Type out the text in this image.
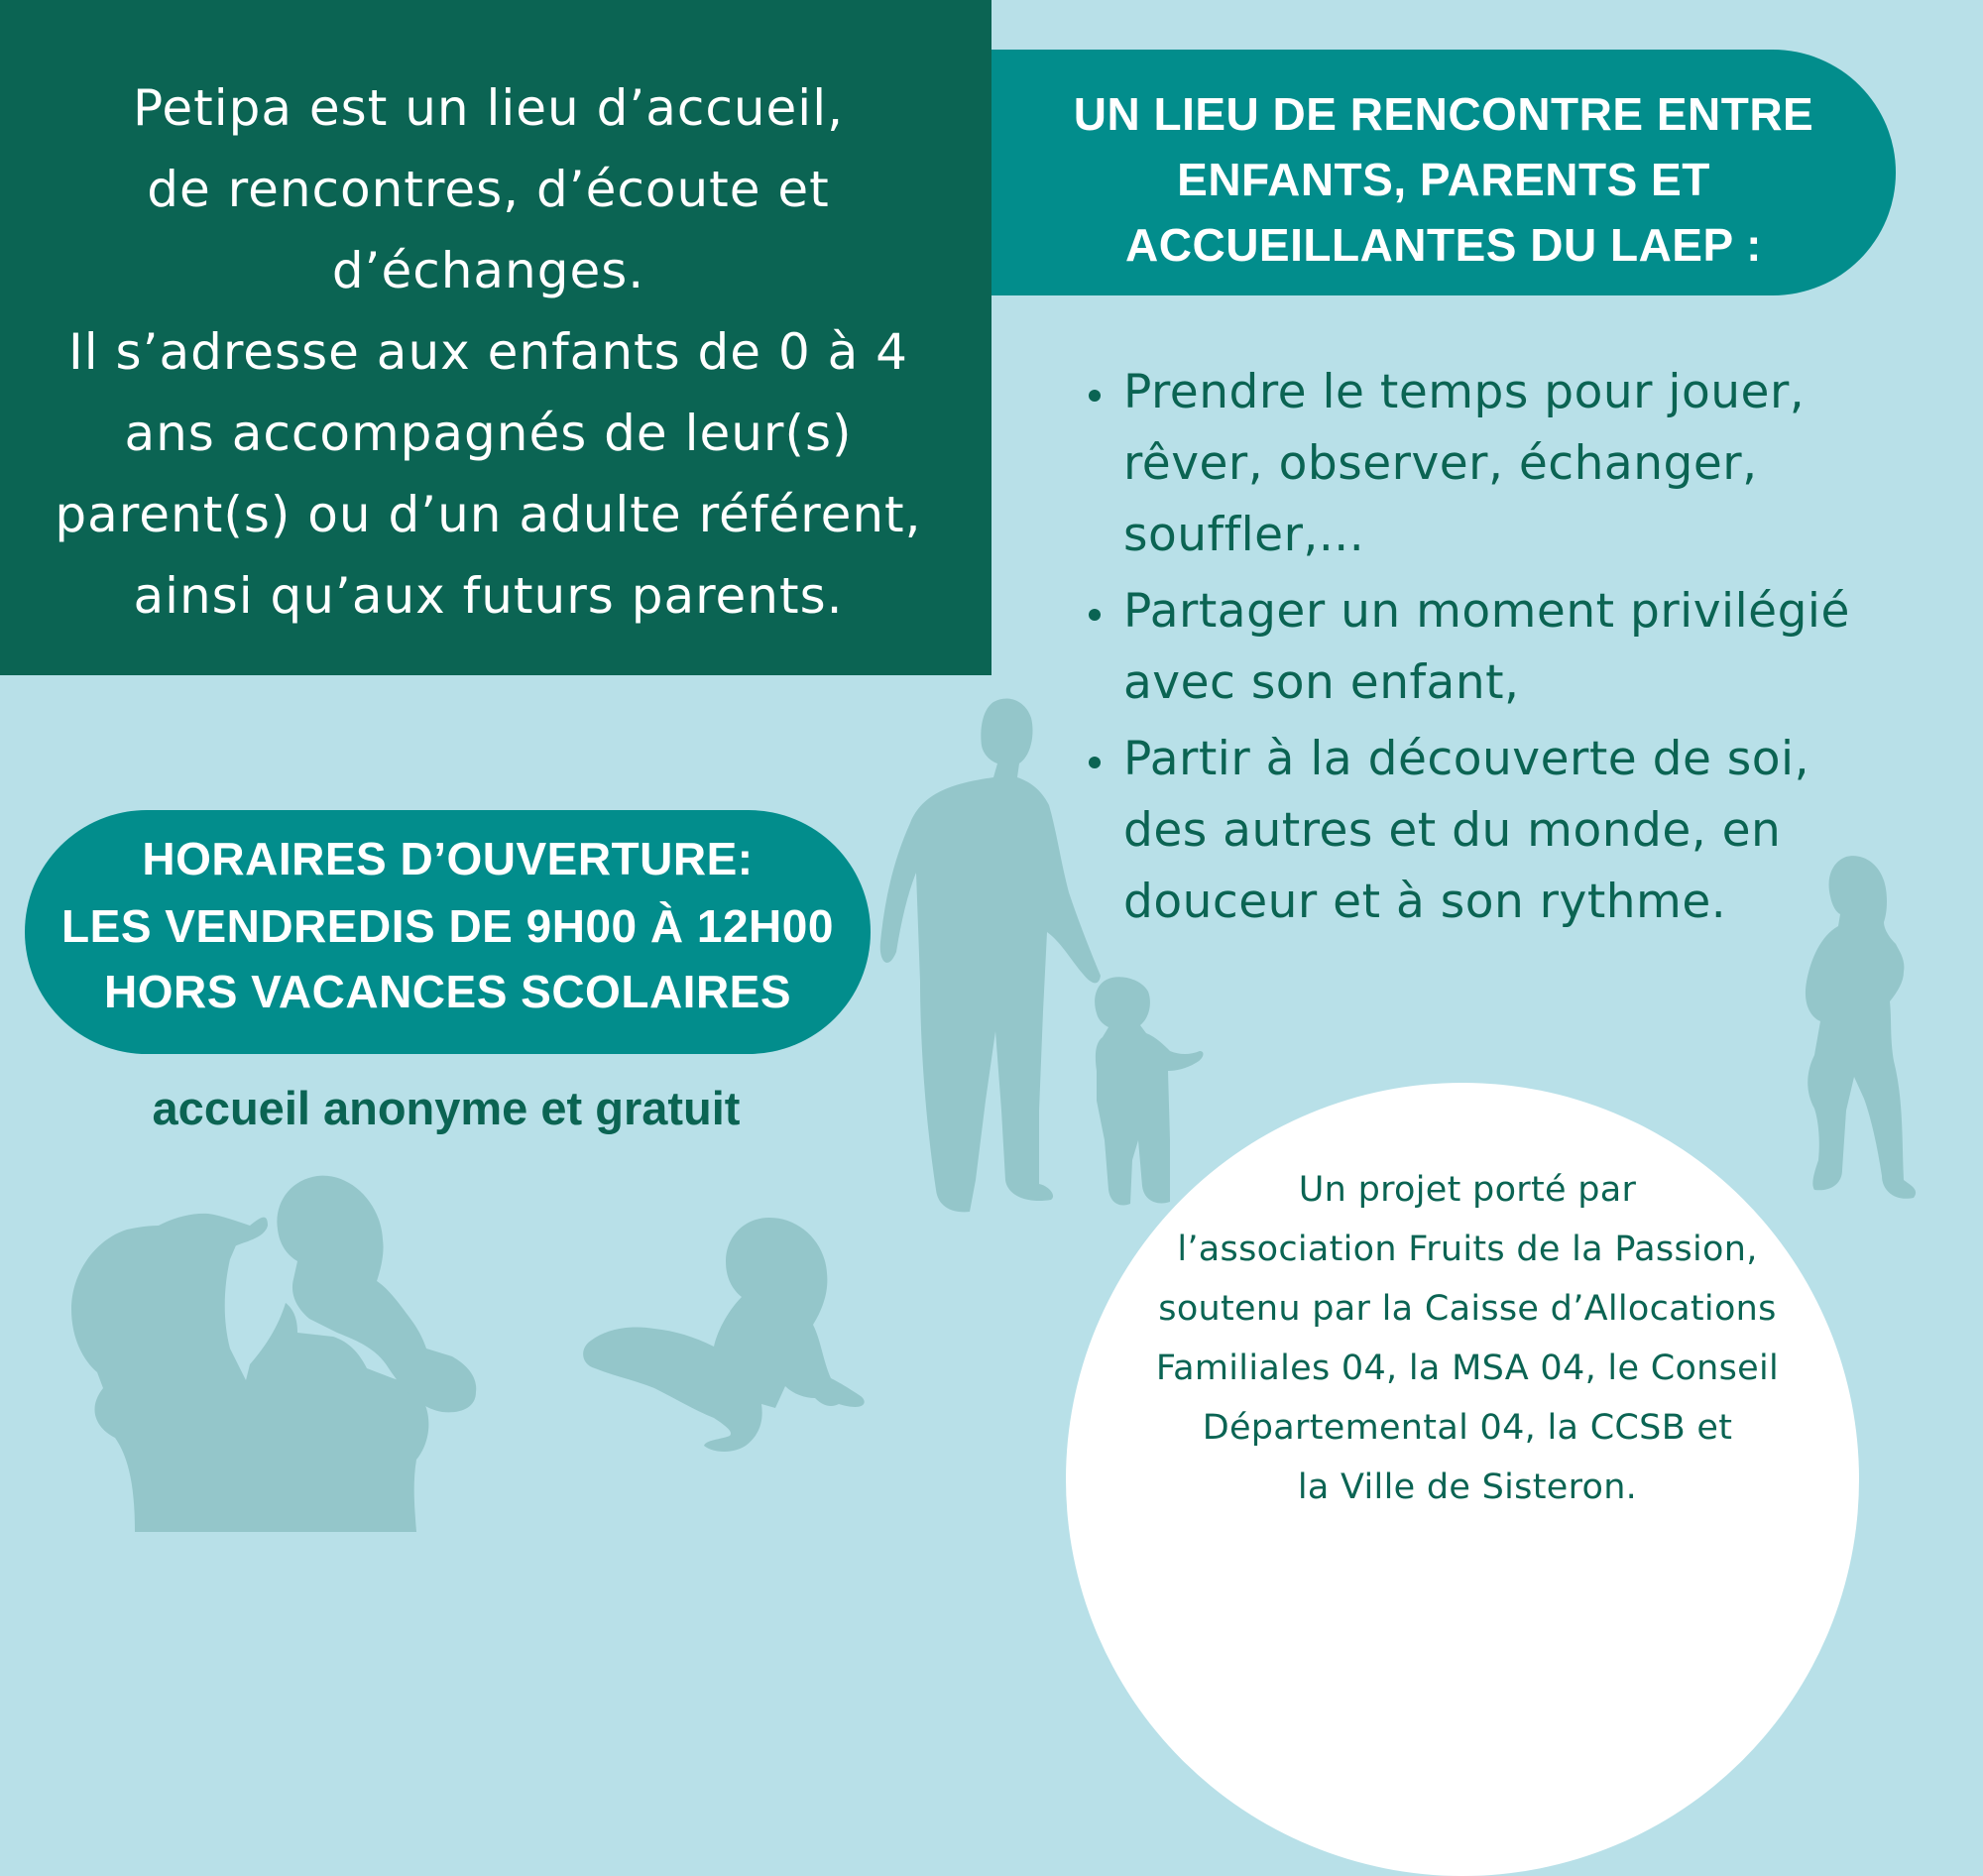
Petipa est un lieu d’accueil,
de rencontres, d’écoute et
d’échanges.
Il s’adresse aux enfants de 0 à 4
ans accompagnés de leur(s)
parent(s) ou d’un adulte référent,
ainsi qu’aux futurs parents.
UN LIEU DE RENCONTRE ENTRE
ENFANTS, PARENTS ET
ACCUEILLANTES DU LAEP :
Prendre le temps pour jouer,
rêver, observer, échanger,
souffler,...
Partager un moment privilégié
avec son enfant,
Partir à la découverte de soi,
des autres et du monde, en
douceur et à son rythme.
HORAIRES D’OUVERTURE:
LES VENDREDIS DE 9H00 À 12H00
HORS VACANCES SCOLAIRES
accueil anonyme et gratuit
Un projet porté par
l’association Fruits de la Passion,
soutenu par la Caisse d’Allocations
Familiales 04, la MSA 04, le Conseil
Départemental 04, la CCSB et
la Ville de Sisteron.
